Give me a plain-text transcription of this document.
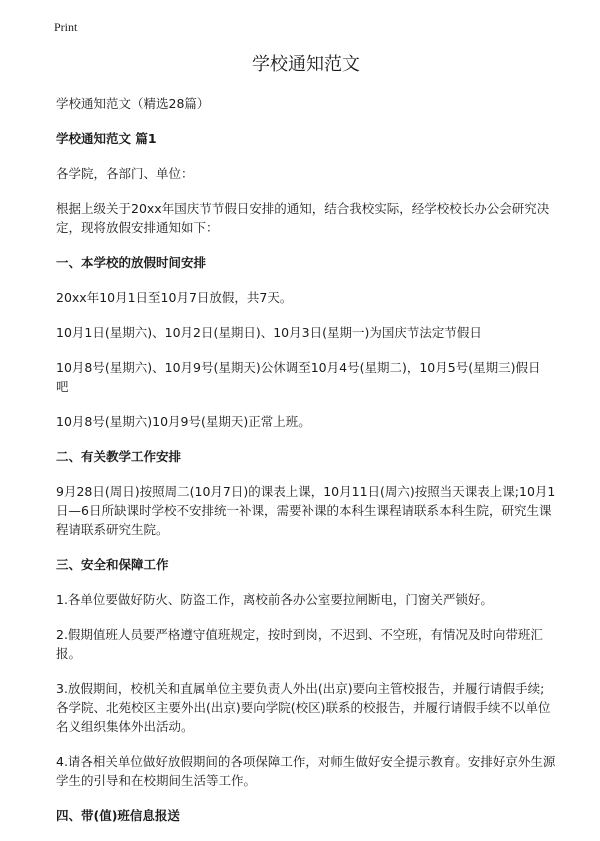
Print
学校通知范文

学校通知范文（精选28篇）

学校通知范文 篇1

各学院，各部门、单位：

根据上级关于20xx年国庆节节假日安排的通知，结合我校实际，经学校校长办公会研究决定，现将放假安排通知如下：

一、本学校的放假时间安排

20xx年10月1日至10月7日放假，共7天。

10月1日(星期六)、10月2日(星期日)、10月3日(星期一)为国庆节法定节假日

10月8号(星期六)、10月9号(星期天)公休调至10月4号(星期二)，10月5号(星期三)假日 吧

10月8号(星期六)10月9号(星期天)正常上班。

二、有关教学工作安排

9月28日(周日)按照周二(10月7日)的课表上课，10月11日(周六)按照当天课表上课;10月1日—6日所缺课时学校不安排统一补课，需要补课的本科生课程请联系本科生院，研究生课程请联系研究生院。

三、安全和保障工作

1.各单位要做好防火、防盗工作，离校前各办公室要拉闸断电，门窗关严锁好。

2.假期值班人员要严格遵守值班规定，按时到岗，不迟到、不空班，有情况及时向带班汇报。

3.放假期间，校机关和直属单位主要负责人外出(出京)要向主管校报告，并履行请假手续;各学院、北苑校区主要外出(出京)要向学院(校区)联系的校报告，并履行请假手续不以单位名义组织集体外出活动。

4.请各相关单位做好放假期间的各项保障工作，对师生做好安全提示教育。安排好京外生源学生的引导和在校期间生活等工作。

四、带(值)班信息报送
